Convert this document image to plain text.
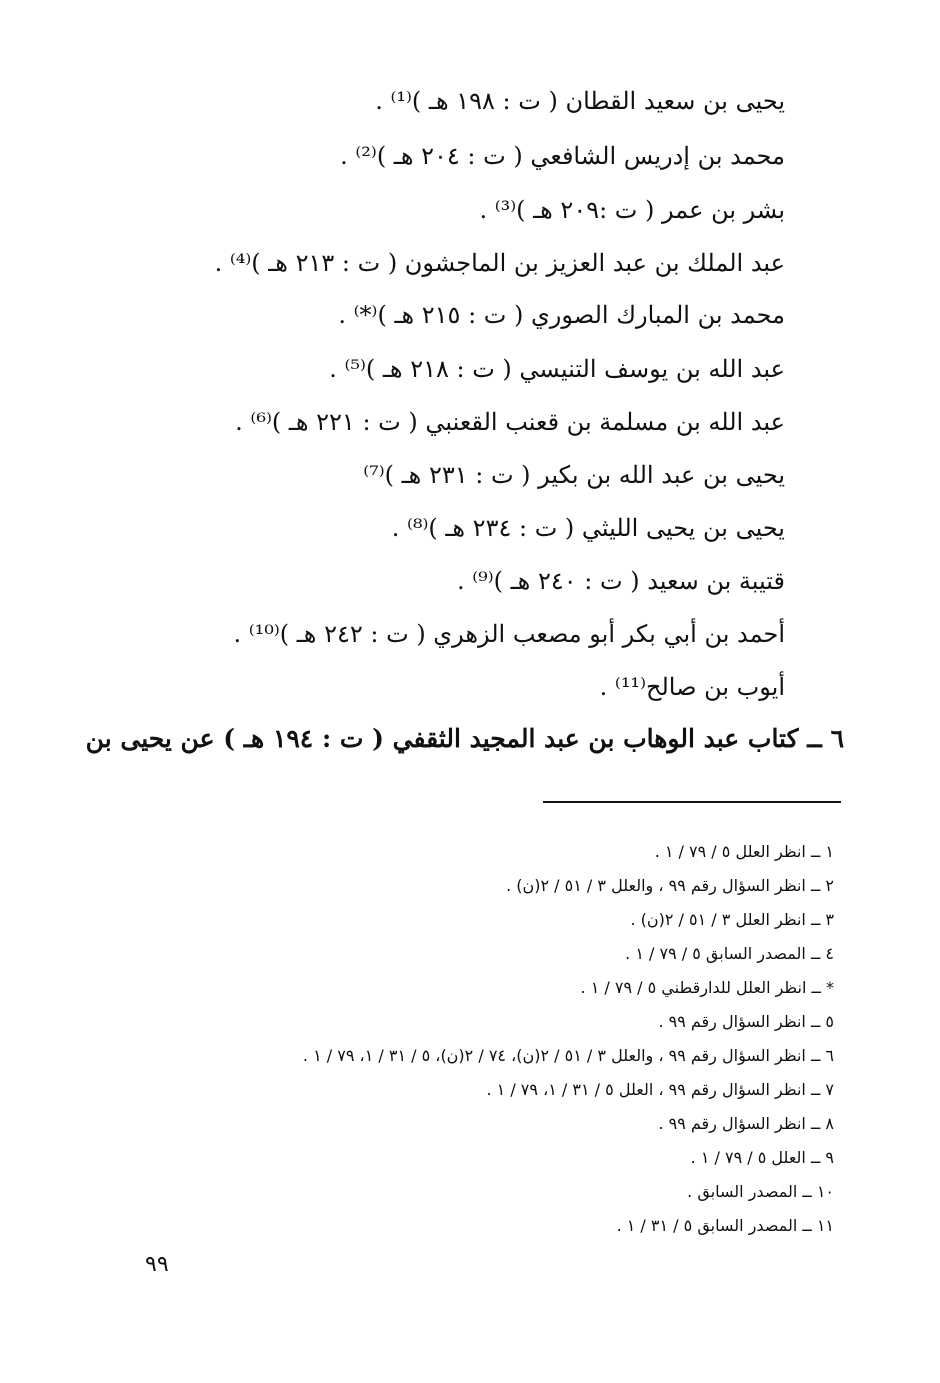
يحيى بن سعيد القطان ( ت : ١٩٨ هـ )⁽¹⁾ .
محمد بن إدريس الشافعي ( ت : ٢٠٤ هـ )⁽²⁾ .
بشر بن عمر ( ت :٢٠٩ هـ )⁽³⁾ .
عبد الملك بن عبد العزيز بن الماجشون ( ت : ٢١٣ هـ )⁽⁴⁾ .
محمد بن المبارك الصوري ( ت : ٢١٥ هـ )⁽*⁾ .
عبد الله بن يوسف التنيسي ( ت : ٢١٨ هـ )⁽⁵⁾ .
عبد الله بن مسلمة بن قعنب القعنبي ( ت : ٢٢١ هـ )⁽⁶⁾ .
يحيى بن عبد الله بن بكير ( ت : ٢٣١ هـ )⁽⁷⁾
يحيى بن يحيى الليثي ( ت : ٢٣٤ هـ )⁽⁸⁾ .
قتيبة بن سعيد ( ت : ٢٤٠ هـ )⁽⁹⁾ .
أحمد بن أبي بكر أبو مصعب الزهري ( ت : ٢٤٢ هـ )⁽¹⁰⁾ .
أيوب بن صالح⁽¹¹⁾ .
٦ ــ كتاب عبد الوهاب بن عبد المجيد الثقفي ( ت : ١٩٤ هـ ) عن يحيى بن
١ ــ انظر العلل ٥ / ٧٩ / ١ .
٢ ــ انظر السؤال رقم ٩٩ ، والعلل ٣ / ٥١ / ٢(ن) .
٣ ــ انظر العلل ٣ / ٥١ / ٢(ن) .
٤ ــ المصدر السابق ٥ / ٧٩ / ١ .
* ــ انظر العلل للدارقطني ٥ / ٧٩ / ١ .
٥ ــ انظر السؤال رقم ٩٩ .
٦ ــ انظر السؤال رقم ٩٩ ، والعلل ٣ / ٥١ / ٢(ن)، ٧٤ / ٢(ن)، ٥ / ٣١ / ١، ٧٩ / ١ .
٧ ــ انظر السؤال رقم ٩٩ ، العلل ٥ / ٣١ / ١، ٧٩ / ١ .
٨ ــ انظر السؤال رقم ٩٩ .
٩ ــ العلل ٥ / ٧٩ / ١ .
١٠ ــ المصدر السابق .
١١ ــ المصدر السابق ٥ / ٣١ / ١ .
٩٩
